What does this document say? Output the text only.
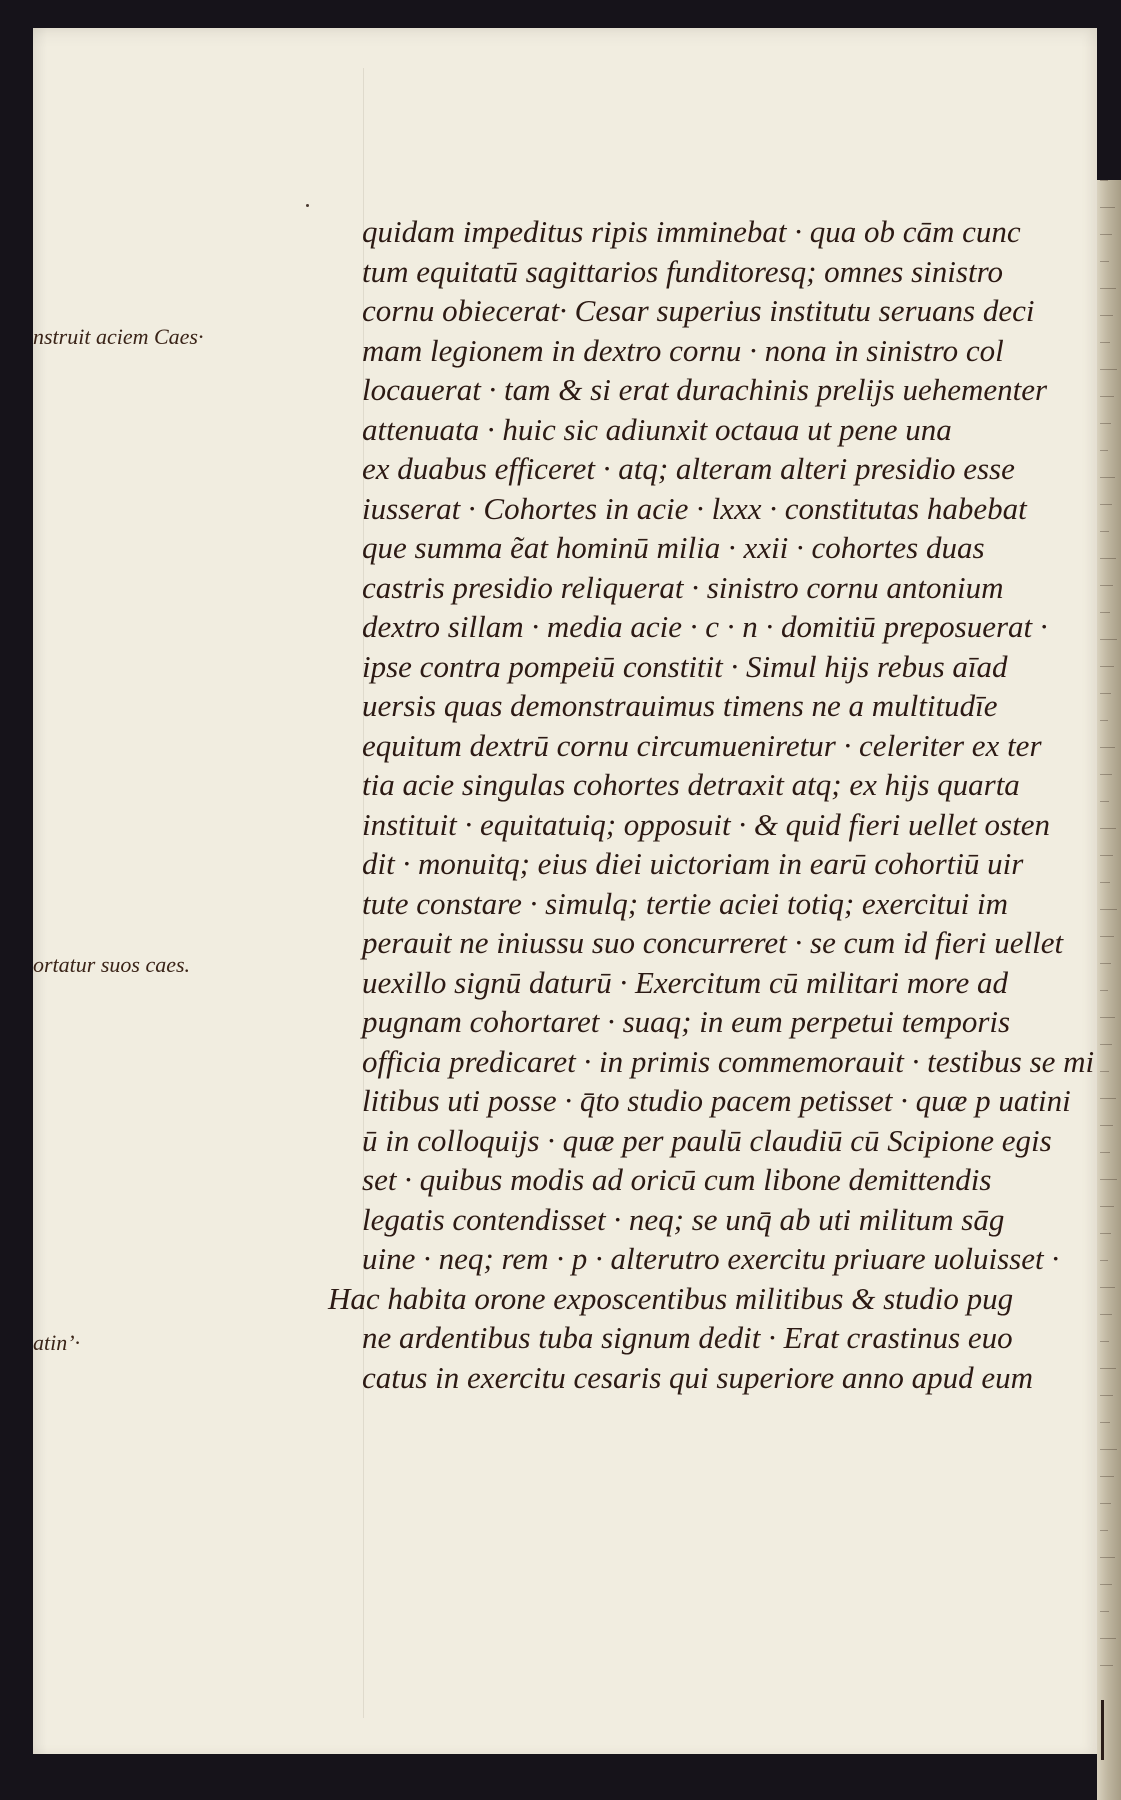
nstruit aciem Caes·
ortatur suos caes.
atin’·
quidam impeditus ripis imminebat · qua ob cām cunc
tum equitatū sagittarios funditoresq; omnes sinistro
cornu obiecerat· Cesar superius institutu seruans deci
mam legionem in dextro cornu · nona in sinistro col
locauerat · tam & si erat durachinis prelijs uehementer
attenuata · huic sic adiunxit octaua ut pene una
ex duabus efficeret · atq; alteram alteri presidio esse
iusserat · Cohortes in acie · lxxx · constitutas habebat
que summa ẽat hominū milia · xxii · cohortes duas
castris presidio reliquerat · sinistro cornu antonium
dextro sillam · media acie · c · n · domitiū preposuerat ·
ipse contra pompeiū constitit · Simul hijs rebus aīad
uersis quas demonstrauimus timens ne a multitudīe
equitum dextrū cornu circumueniretur · celeriter ex ter
tia acie singulas cohortes detraxit atq; ex hijs quarta
instituit · equitatuiq; opposuit · & quid fieri uellet osten
dit · monuitq; eius diei uictoriam in earū cohortiū uir
tute constare · simulq; tertie aciei totiq; exercitui im
perauit ne iniussu suo concurreret · se cum id fieri uellet
uexillo signū daturū · Exercitum cū militari more ad
pugnam cohortaret · suaq; in eum perpetui temporis
officia predicaret · in primis commemorauit · testibus se mi
litibus uti posse · q̄to studio pacem petisset · quæ p uatini
ū in colloquijs · quæ per paulū claudiū cū Scipione egis
set · quibus modis ad oricū cum libone demittendis
legatis contendisset · neq; se unq̄ ab uti militum sāg
uine · neq; rem · p · alterutro exercitu priuare uoluisset ·
Hac habita orone exposcentibus militibus & studio pug
ne ardentibus tuba signum dedit · Erat crastinus euo
catus in exercitu cesaris qui superiore anno apud eum
